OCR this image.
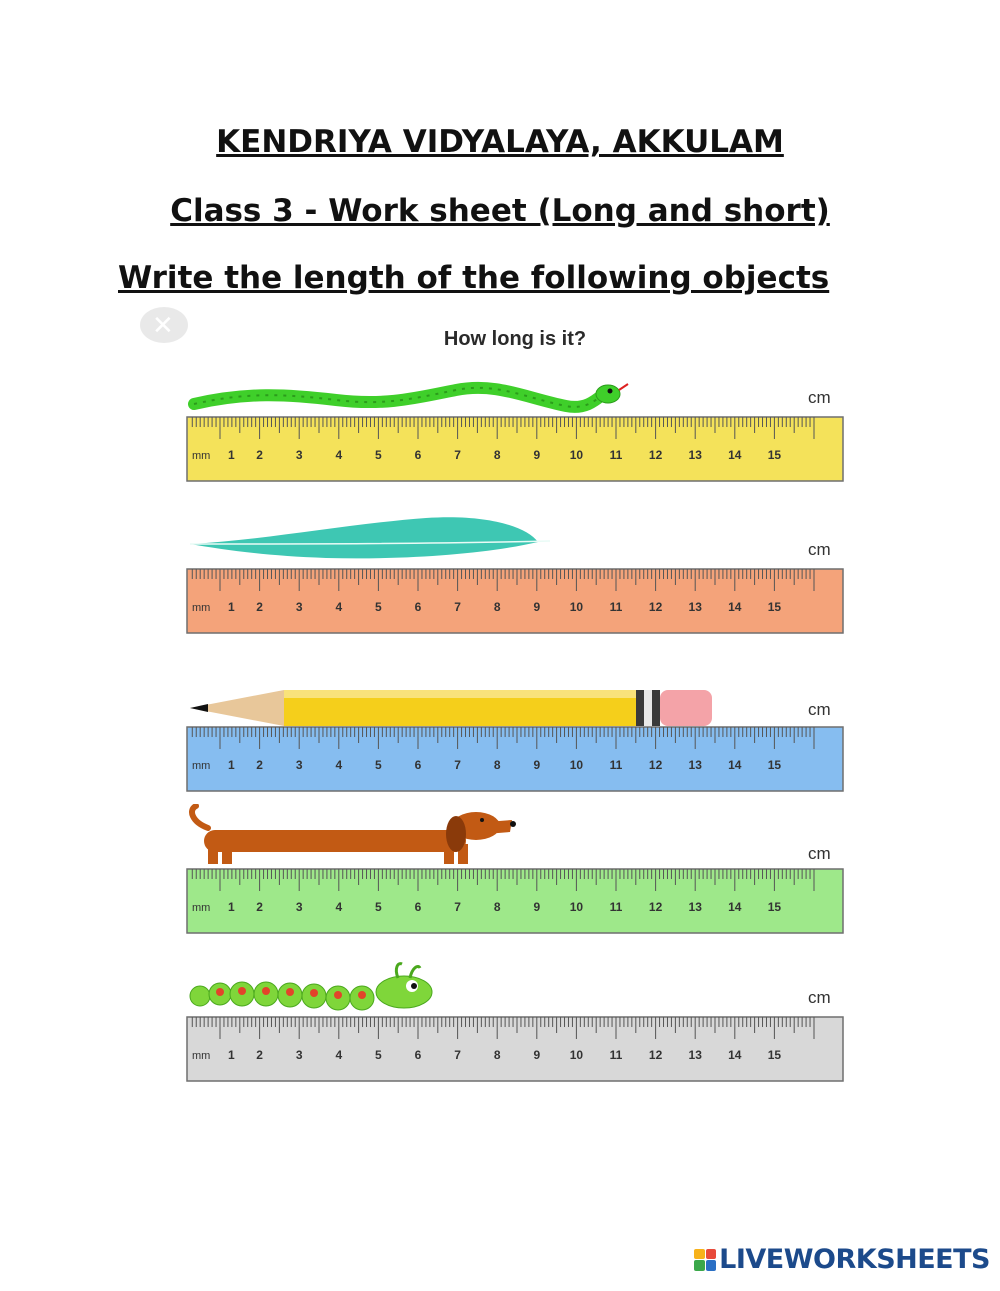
KENDRIYA VIDYALAYA, AKKULAM
Class 3 - Work sheet (Long and short)
Write the length of the following objects
✕	How long is it?
cm
mm 1 2	3	4	5	6	7	8	9 10 11 12 13 14 15
cm
mm 1 2	3	4	5	6	7	8	9 10 11 12 13 14 15
cm
mm 1 2	3	4	5	6	7	8	9 10 11 12 13 14 15
cm
mm 1 2	3	4	5	6	7	8	9 10 11 12 13 14 15
cm
mm 1 2	3	4	5	6	7	8	9 10 11 12 13 14 15
LIVEWORKSHEETS
